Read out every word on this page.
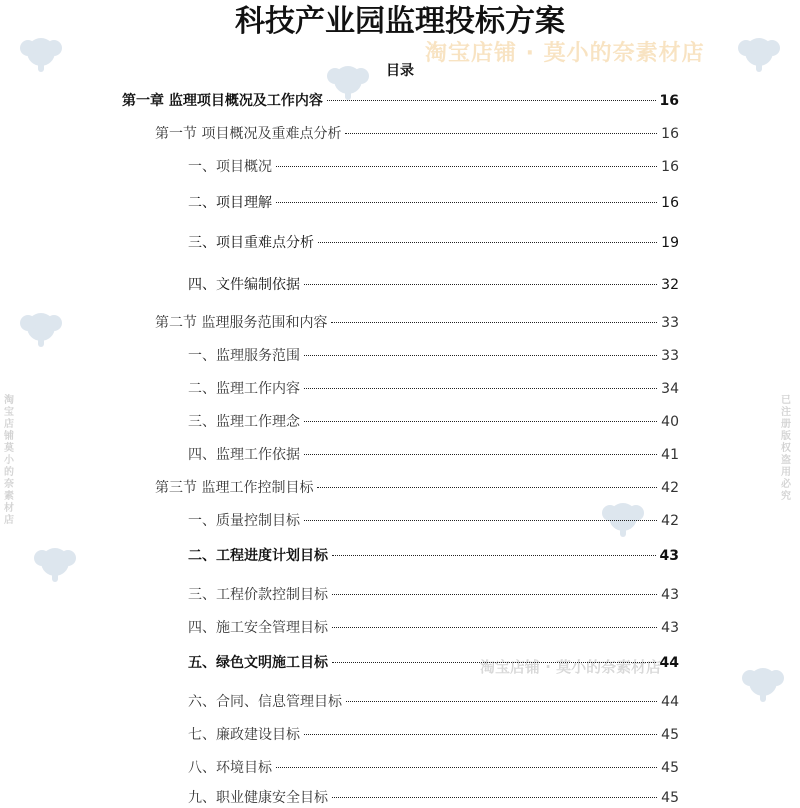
淘宝店铺 · 莫小的奈素材店
淘宝店铺 · 莫小的奈素材店
淘宝店铺 莫小的奈素材店
已注册版权 盗用必究
科技产业园监理投标方案
目录
第一章 监理项目概况及工作内容	16
第一节 项目概况及重难点分析	16
一、项目概况	16
二、项目理解	16
三、项目重难点分析	19
四、文件编制依据	32
第二节 监理服务范围和内容	33
一、监理服务范围	33
二、监理工作内容	34
三、监理工作理念	40
四、监理工作依据	41
第三节 监理工作控制目标	42
一、质量控制目标	42
二、工程进度计划目标	43
三、工程价款控制目标	43
四、施工安全管理目标	43
五、绿色文明施工目标	44
六、合同、信息管理目标	44
七、廉政建设目标	45
八、环境目标	45
九、职业健康安全目标	45
